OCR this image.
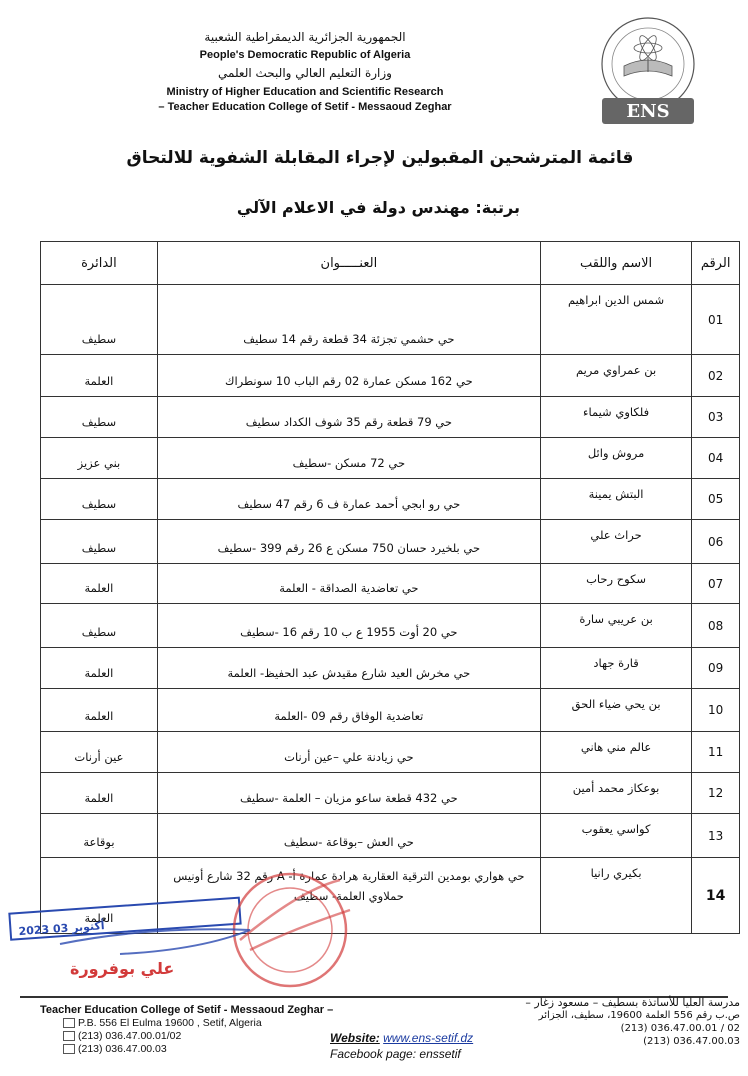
الجمهورية الجزائرية الديمقراطية الشعبية
People's Democratic Republic of Algeria
وزارة التعليم العالي والبحث العلمي
Ministry of Higher Education and Scientific Research
– Teacher Education College of Setif - Messaoud Zeghar	ENS
قائمة المترشحين المقبولين لإجراء المقابلة الشفوية للالتحاق
برتبة: مهندس دولة في الاعلام الآلي
الرقم	الاسم واللقب	العنـــــوان	الدائرة
01	شمس الدين ابراهيم	حي حشمي تجزئة 34 قطعة رقم 14 سطيف	سطيف
02	بن عمراوي مريم	حي 162 مسكن عمارة 02 رقم الباب 10 سونطراك	العلمة
03	فلكاوي شيماء	حي 79 قطعة رقم 35 شوف الكداد سطيف	سطيف
04	مروش وائل	حي 72 مسكن -سطيف	بني عزيز
05	البتش يمينة	حي رو ابجي أحمد عمارة ف 6 رقم 47 سطيف	سطيف
06	حراث علي	حي بلخيرد حسان 750 مسكن ع 26 رقم 399 -سطيف	سطيف
07	سكوح رحاب	حي تعاضدية الصداقة - العلمة	العلمة
08	بن عريبي سارة	حي 20 أوت 1955 ع ب 10 رقم 16 -سطيف	سطيف
09	قارة جهاد	حي مخرش العيد شارع مقيدش عبد الحفيظ- العلمة	العلمة
10	بن يحي ضياء الحق	تعاضدية الوفاق رقم 09 -العلمة	العلمة
11	عالم مني هاني	حي زيادنة علي –عين أرنات	عين أرنات
12	بوعكاز محمد أمين	حي 432 قطعة ساعو مزيان – العلمة -سطيف	العلمة
13	كواسي يعقوب	حي العش –بوقاعة -سطيف	بوقاعة
14	بكيري رانيا	حي هواري بومدين الترقية العقارية هرادة عمارة أ- A رقم 32 شارع أونيس حملاوي العلمة- سطيف	العلمة
2023 أكتوبر 03
علي بوفرورة
Teacher Education College of Setif - Messaoud Zeghar –
P.B. 556 El Eulma 19600 , Setif, Algeria
(213) 036.47.00.01/02
(213) 036.47.00.03
Website: www.ens-setif.dz
Facebook page: enssetif
مدرسة العليا للأساتذة بسطيف – مسعود زغار –
ص.ب رقم 556 العلمة 19600، سطيف، الجزائر
(213) 036.47.00.01 / 02
(213) 036.47.00.03
